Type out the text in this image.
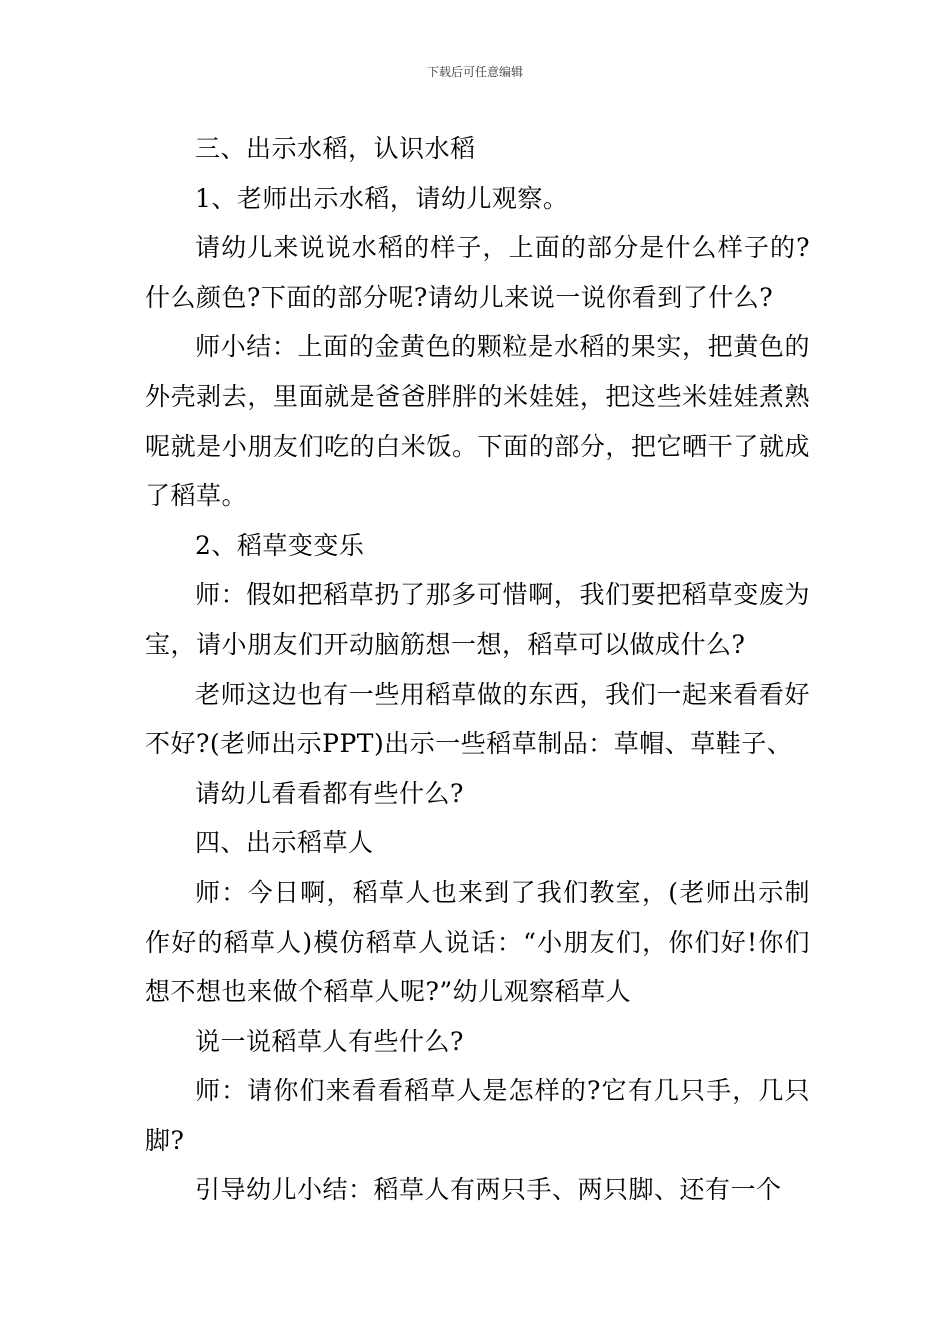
下载后可任意编辑

三、出示水稻，认识水稻

1、老师出示水稻，请幼儿观察。

请幼儿来说说水稻的样子，上面的部分是什么样子的?什么颜色?下面的部分呢?请幼儿来说一说你看到了什么?

师小结：上面的金黄色的颗粒是水稻的果实，把黄色的外壳剥去，里面就是爸爸胖胖的米娃娃，把这些米娃娃煮熟呢就是小朋友们吃的白米饭。下面的部分，把它晒干了就成了稻草。

2、稻草变变乐

师：假如把稻草扔了那多可惜啊，我们要把稻草变废为宝，请小朋友们开动脑筋想一想，稻草可以做成什么?

老师这边也有一些用稻草做的东西，我们一起来看看好不好?(老师出示PPT)出示一些稻草制品：草帽、草鞋子、

请幼儿看看都有些什么?

四、出示稻草人

师：今日啊，稻草人也来到了我们教室，(老师出示制作好的稻草人)模仿稻草人说话：“小朋友们，你们好!你们想不想也来做个稻草人呢?”幼儿观察稻草人

说一说稻草人有些什么?

师：请你们来看看稻草人是怎样的?它有几只手，几只脚?

引导幼儿小结：稻草人有两只手、两只脚、还有一个
